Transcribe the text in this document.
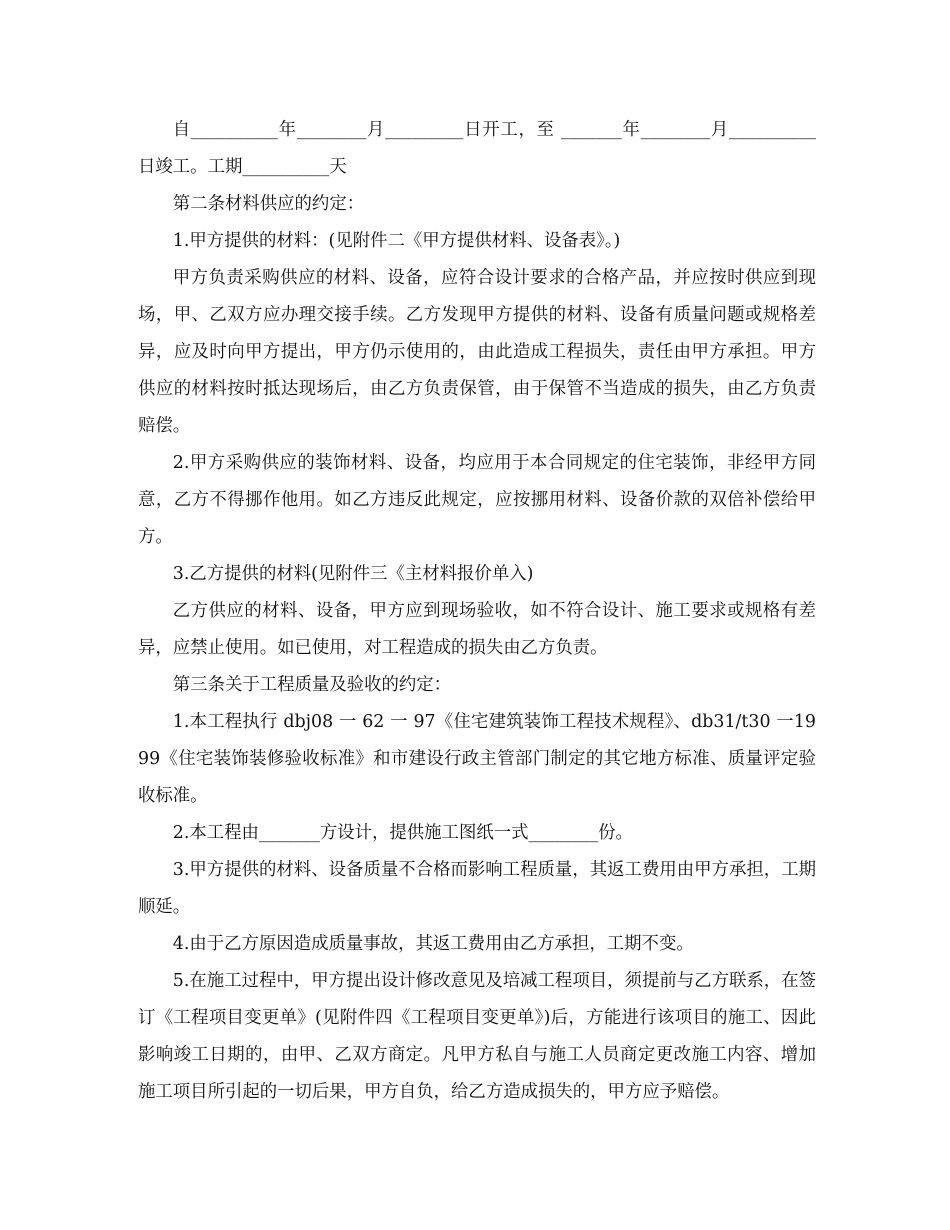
自__________年________月_________日开工，至 _______年________月__________日竣工。工期__________天

第二条材料供应的约定：

1.甲方提供的材料：(见附件二《甲方提供材料、设备表》。)

甲方负责采购供应的材料、设备，应符合设计要求的合格产品，并应按时供应到现场，甲、乙双方应办理交接手续。乙方发现甲方提供的材料、设备有质量问题或规格差异，应及时向甲方提出，甲方仍示使用的，由此造成工程损失，责任由甲方承担。甲方供应的材料按时抵达现场后，由乙方负责保管，由于保管不当造成的损失，由乙方负责赔偿。

2.甲方采购供应的装饰材料、设备，均应用于本合同规定的住宅装饰，非经甲方同意，乙方不得挪作他用。如乙方违反此规定，应按挪用材料、设备价款的双倍补偿给甲方。

3.乙方提供的材料(见附件三《主材料报价单入)

乙方供应的材料、设备，甲方应到现场验收，如不符合设计、施工要求或规格有差异，应禁止使用。如已使用，对工程造成的损失由乙方负责。

第三条关于工程质量及验收的约定：

1.本工程执行 dbj08 一 62 一 97《住宅建筑装饰工程技术规程》、db31/t30 一1999《住宅装饰装修验收标准》和市建设行政主管部门制定的其它地方标准、质量评定验收标准。

2.本工程由_______方设计，提供施工图纸一式________份。

3.甲方提供的材料、设备质量不合格而影响工程质量，其返工费用由甲方承担，工期顺延。

4.由于乙方原因造成质量事故，其返工费用由乙方承担，工期不变。

5.在施工过程中，甲方提出设计修改意见及培减工程项目，须提前与乙方联系，在签订《工程项目变更单》(见附件四《工程项目变更单》)后，方能进行该项目的施工、因此影响竣工日期的，由甲、乙双方商定。凡甲方私自与施工人员商定更改施工内容、增加施工项目所引起的一切后果，甲方自负，给乙方造成损失的，甲方应予赔偿。
